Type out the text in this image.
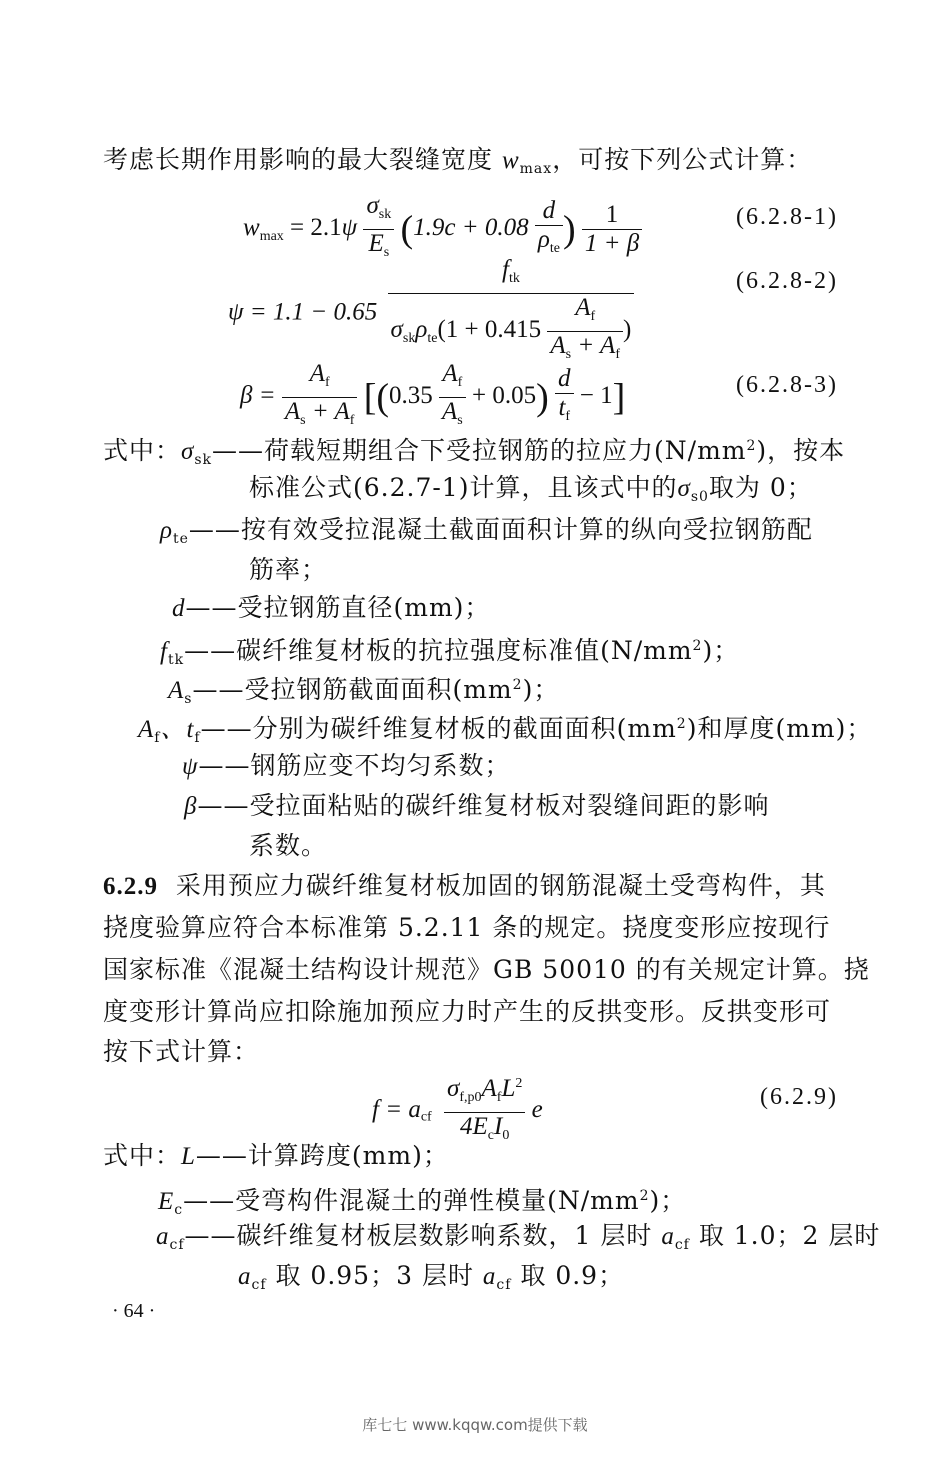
考虑长期作用影响的最大裂缝宽度 $w_{max}$，可按下列公式计算：
$w_{max} = 2.1\psi \frac{\sigma_{sk}}{E_s} (1.9c + 0.08 \frac{d}{\rho_{te}}$ ) $\frac{1}{1 + \beta}$	(6.2.8-1)
$\psi = 1.1 - 0.65 \frac{f_{tk}}{\sigma_{sk}\rho_{te}(1 + 0.415 \frac{A_f}{A_s + A_f} )}$	(6.2.8-2)
$\beta = \frac{A_f}{A_s + A_f} [(0.35 \frac{A_f}{A_s} + 0.05) \frac{d}{t_f} - 1]$	(6.2.8-3)
式中：$\sigma_{sk}——$荷载短期组合下受拉钢筋的拉应力$(N/mm^2)$，按本
标准公式(6.2.7-1)计算，且该式中的$\sigma_{s0}$取为 0；
$\rho_{te}——$按有效受拉混凝土截面面积计算的纵向受拉钢筋配
筋率；
d——受拉钢筋直径(mm)；
$f_{tk}——$碳纤维复材板的抗拉强度标准值$(N/mm^2)$；
$A_s——$受拉钢筋截面面积$(mm^2)$；
$A_f$、$t_f——$分别为碳纤维复材板的截面面积$(mm^2)$和厚度(mm)；
ψ——钢筋应变不均匀系数；
β——受拉面粘贴的碳纤维复材板对裂缝间距的影响
系数。
6.2.9 采用预应力碳纤维复材板加固的钢筋混凝土受弯构件，其
挠度验算应符合本标准第 5.2.11 条的规定。挠度变形应按现行
国家标准《混凝土结构设计规范》GB 50010 的有关规定计算。挠
度变形计算尚应扣除施加预应力时产生的反拱变形。反拱变形可
按下式计算：
$f = a_{cf} \frac{\sigma_{f,p0}A_fL^2}{4E_cI_0}$ e	(6.2.9)
式中：L——计算跨度(mm)；
$E_c——$受弯构件混凝土的弹性模量$(N/mm^2)$；
$a_{cf}——$碳纤维复材板层数影响系数，1 层时 $a_{cf}$ 取 1.0；2 层时
$a_{cf}$ 取 0.95；3 层时 $a_{cf}$ 取 0.9；
· 64 ·
库七七 www.kqqw.com提供下载
